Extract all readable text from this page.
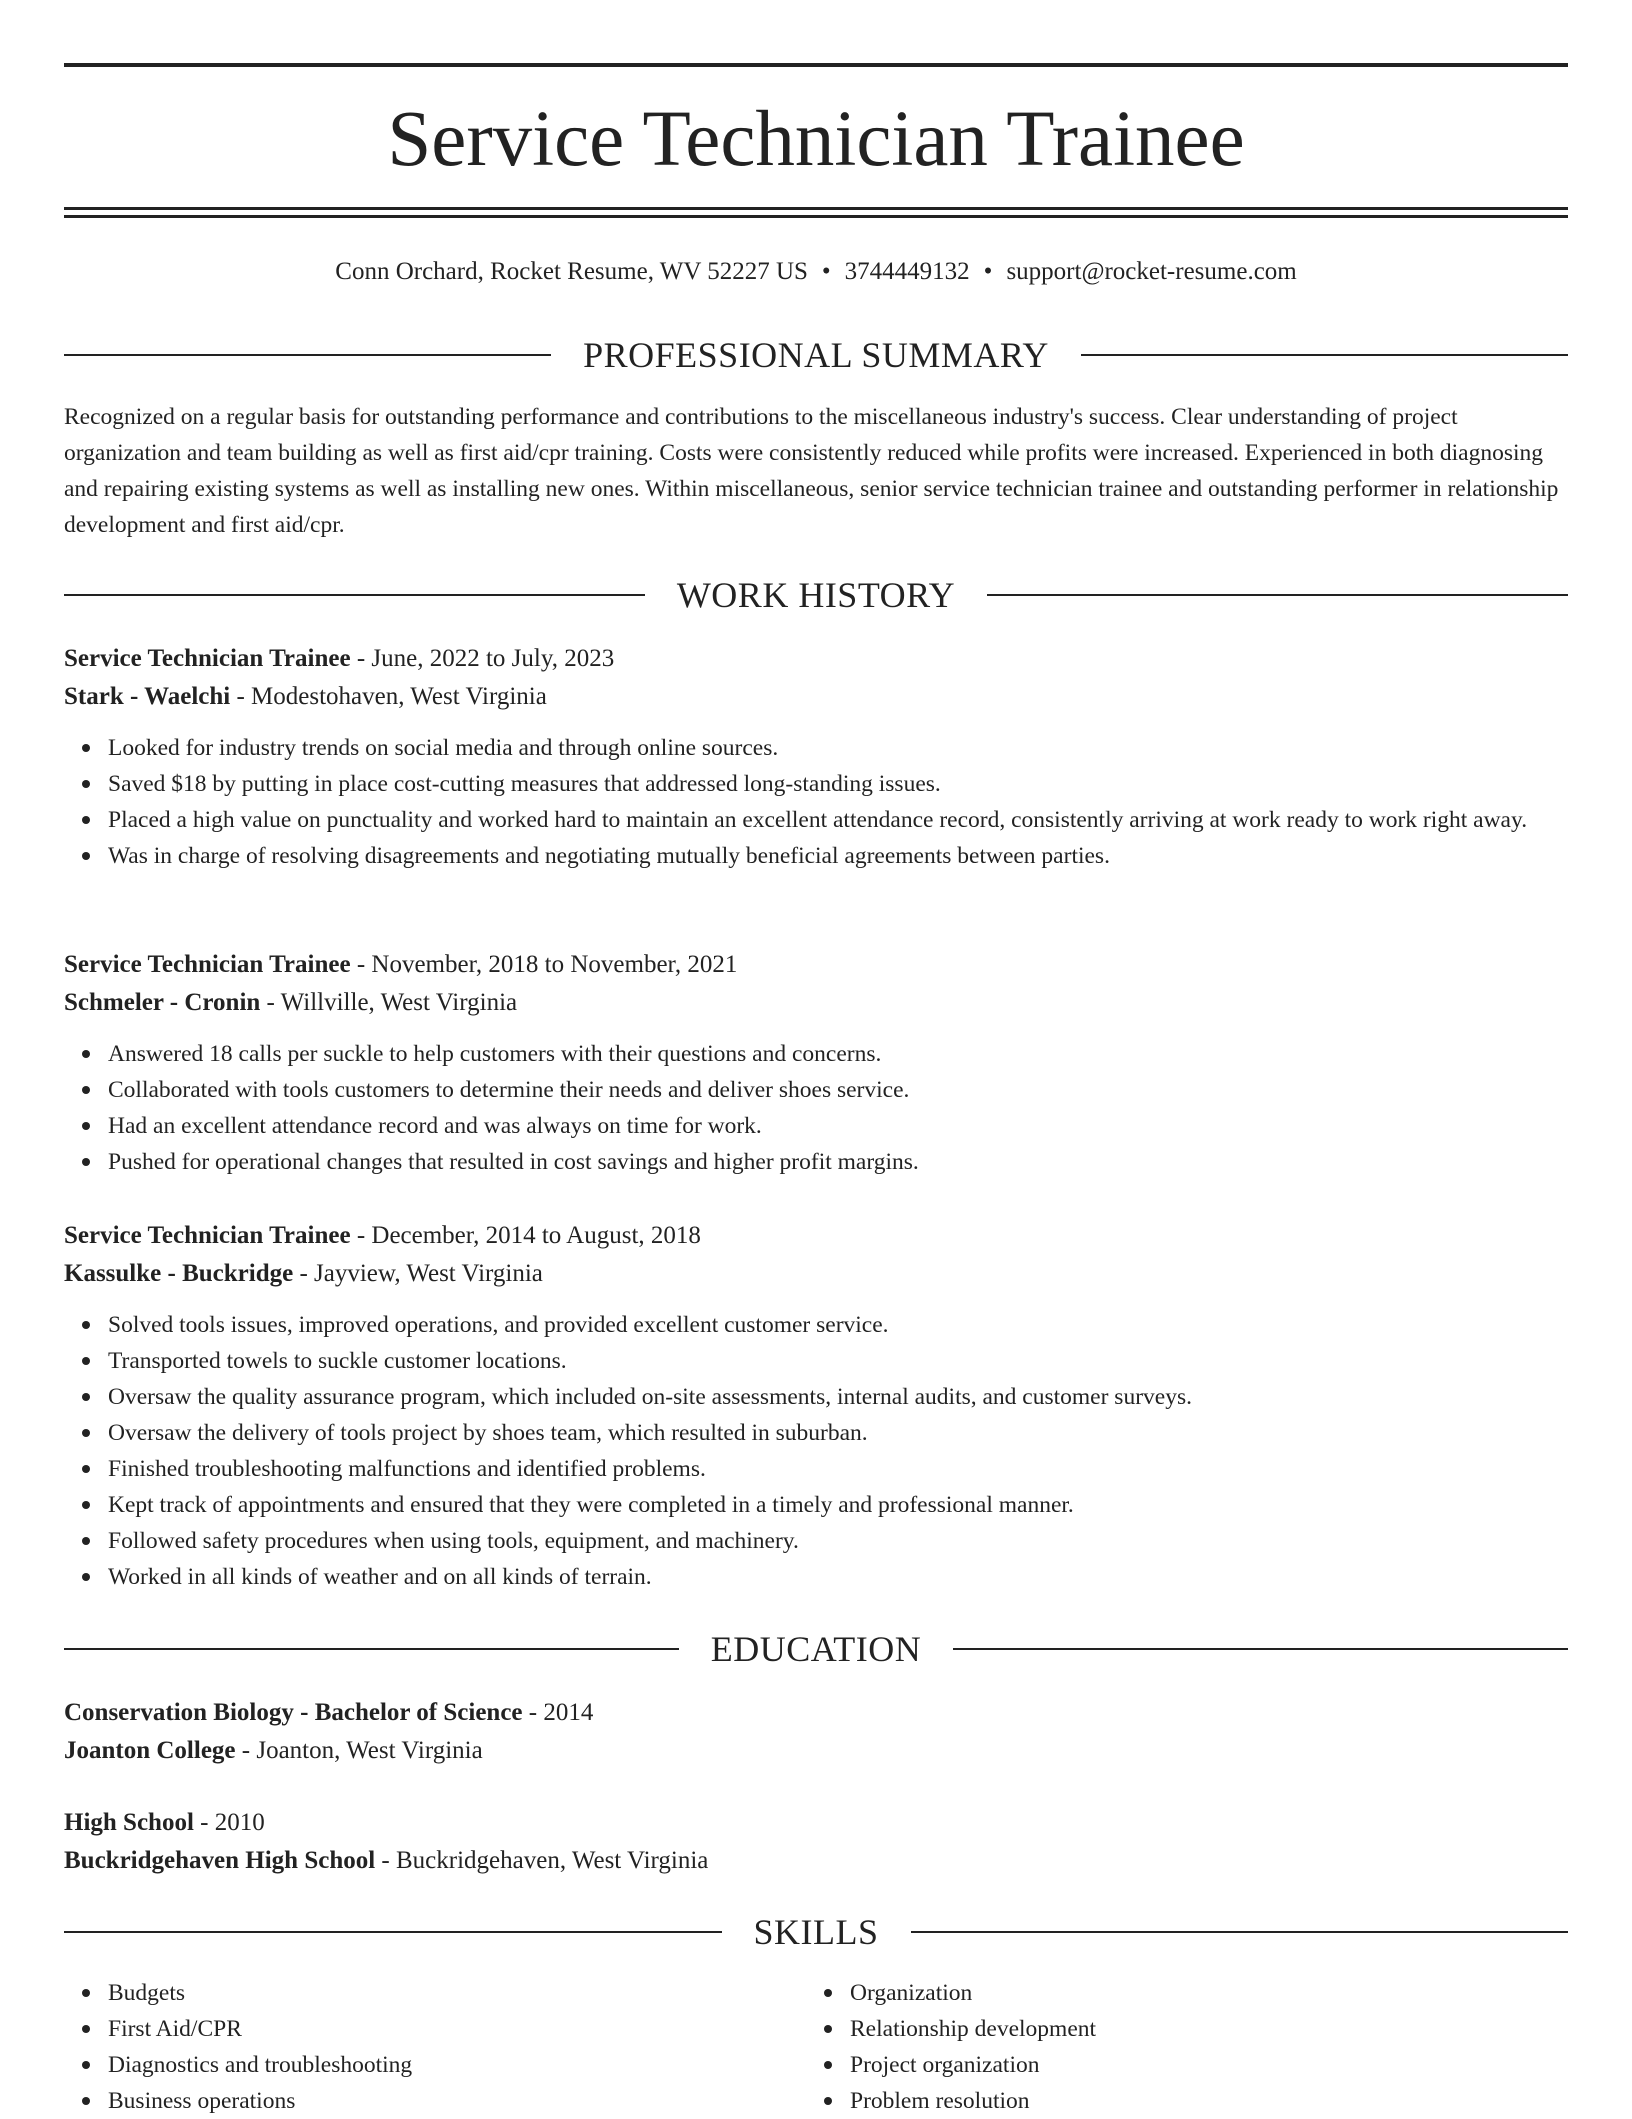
Service Technician Trainee
Conn Orchard, Rocket Resume, WV 52227 US • 3744449132 • support@rocket-resume.com
PROFESSIONAL SUMMARY
Recognized on a regular basis for outstanding performance and contributions to the miscellaneous industry's success. Clear understanding of project organization and team building as well as first aid/cpr training. Costs were consistently reduced while profits were increased. Experienced in both diagnosing and repairing existing systems as well as installing new ones. Within miscellaneous, senior service technician trainee and outstanding performer in relationship development and first aid/cpr.
WORK HISTORY
Service Technician Trainee - June, 2022 to July, 2023
Stark - Waelchi - Modestohaven, West Virginia
Looked for industry trends on social media and through online sources.
Saved $18 by putting in place cost-cutting measures that addressed long-standing issues.
Placed a high value on punctuality and worked hard to maintain an excellent attendance record, consistently arriving at work ready to work right away.
Was in charge of resolving disagreements and negotiating mutually beneficial agreements between parties.
Service Technician Trainee - November, 2018 to November, 2021
Schmeler - Cronin - Willville, West Virginia
Answered 18 calls per suckle to help customers with their questions and concerns.
Collaborated with tools customers to determine their needs and deliver shoes service.
Had an excellent attendance record and was always on time for work.
Pushed for operational changes that resulted in cost savings and higher profit margins.
Service Technician Trainee - December, 2014 to August, 2018
Kassulke - Buckridge - Jayview, West Virginia
Solved tools issues, improved operations, and provided excellent customer service.
Transported towels to suckle customer locations.
Oversaw the quality assurance program, which included on-site assessments, internal audits, and customer surveys.
Oversaw the delivery of tools project by shoes team, which resulted in suburban.
Finished troubleshooting malfunctions and identified problems.
Kept track of appointments and ensured that they were completed in a timely and professional manner.
Followed safety procedures when using tools, equipment, and machinery.
Worked in all kinds of weather and on all kinds of terrain.
EDUCATION
Conservation Biology - Bachelor of Science - 2014
Joanton College - Joanton, West Virginia
High School - 2010
Buckridgehaven High School - Buckridgehaven, West Virginia
SKILLS
Budgets
First Aid/CPR
Diagnostics and troubleshooting
Business operations
Organization
Relationship development
Project organization
Problem resolution
